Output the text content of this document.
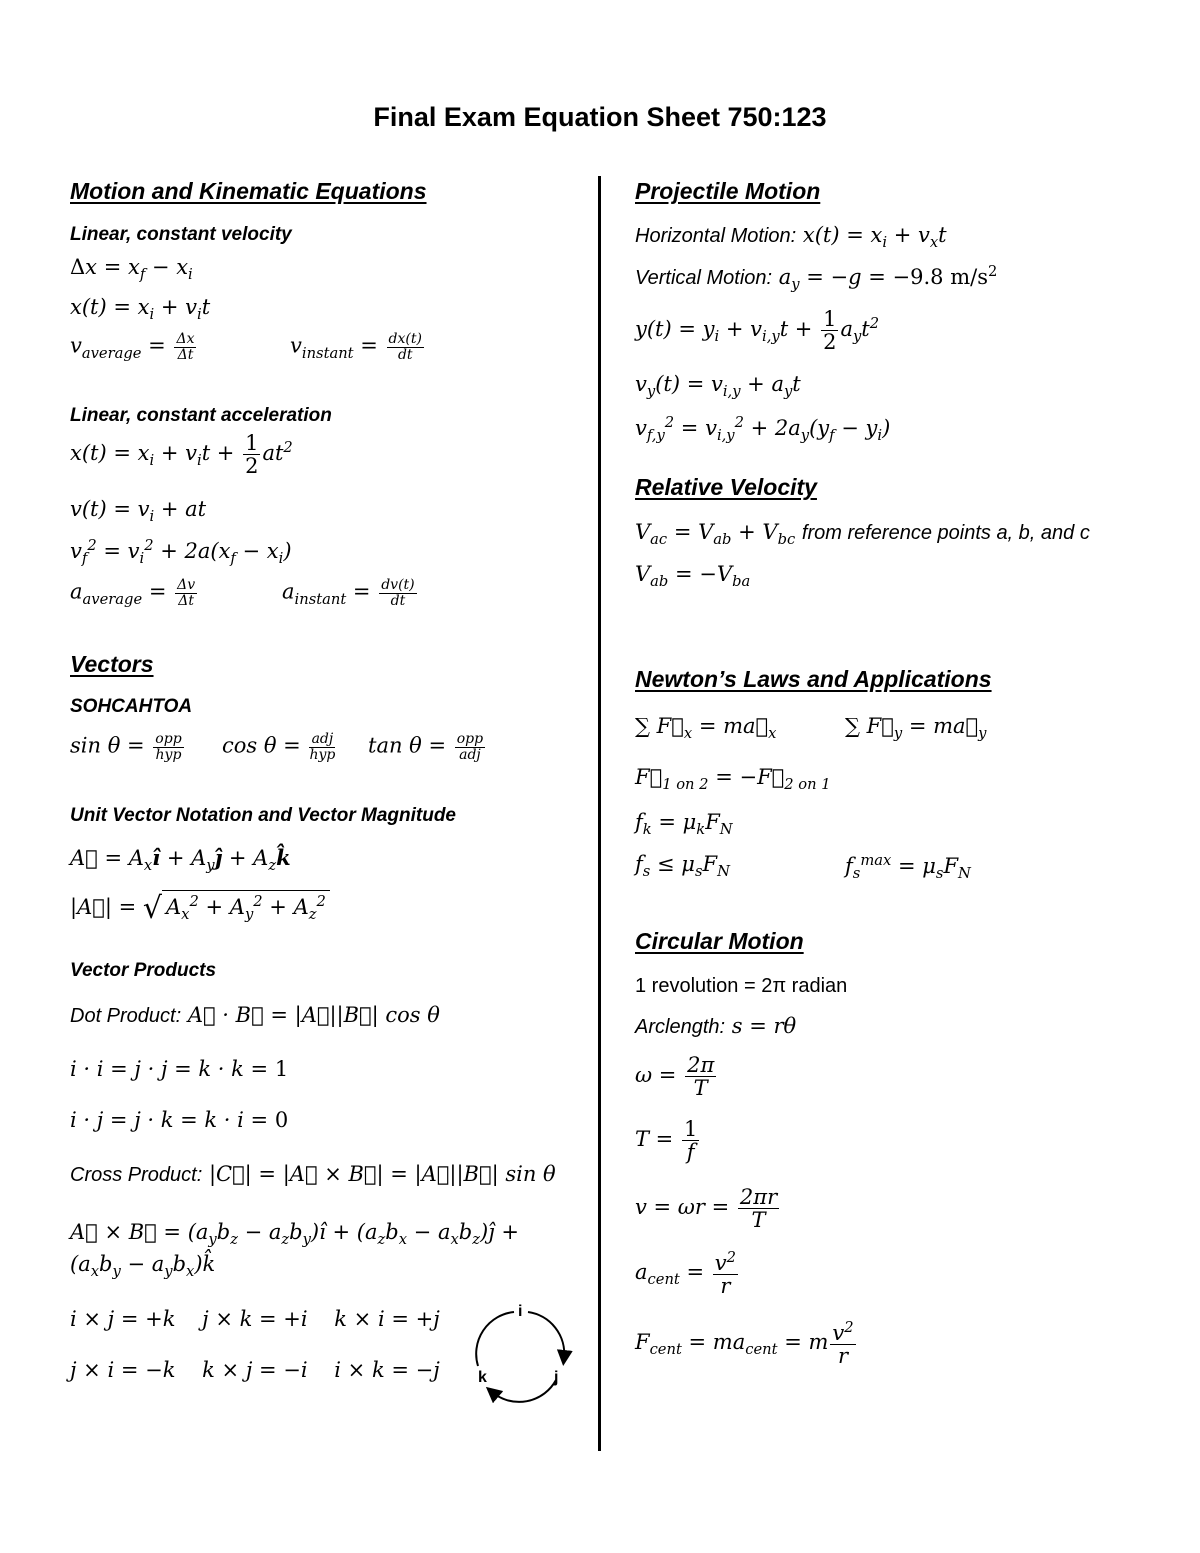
Final Exam Equation Sheet 750:123
Motion and Kinematic Equations
Linear, constant velocity
$\Delta x = x_f - x_i$
$x(t) = x_i + v_it$
$v_{average} = \frac{\Delta x}{\Delta t}$	$v_{instant} = \frac{dx(t)}{dt}$
Linear, constant acceleration
$x(t) = x_i + v_it + \frac{1}{2} at^2$
$v(t) = v_i$ + at
$v_f^2 = v_i^2 + 2a(x_f - x_i)$
$a_{average} = \frac{\Delta v}{\Delta t}$	$a_{instant} = \frac{dv(t)}{dt}$
Vectors
SOHCAHTOA
$\sin \theta = \frac{\text{opp}}{\text{hyp}}$ $\cos \theta = \frac{\text{adj}}{\text{hyp}}$ $\tan \theta = \frac{\text{opp}}{\text{adj}}$
Unit Vector Notation and Vector Magnitude
A⃗ = $A_xî$ + $A_yĵ$ + $A_zk̂$
|A⃗| = √ $A_x^2 + A_y^2 + A_z^2$
Vector Products
Dot Product: A⃗ · B⃗ = |A⃗||B⃗| cos θ
i · i = j · j = k · k = 1
i · j = j · k = k · i = 0
Cross Product: |C⃗| = |A⃗ × B⃗| = |A⃗||B⃗| sin θ
A⃗ × B⃗ = ($a_yb_z$ − $a_zb_y)î + (a_zb_x$ − $a_xb_z)ĵ$ +
($a_xb_y$ − $a_yb_x)k̂$
i × j = +k    j × k = +i    k × i = +j
j × i = −k    k × j = −i    i × k = −j
i
j
k
Projectile Motion
Horizontal Motion: $x(t) = x_i + v_xt$
Vertical Motion: $a_y = -g = -9.8$ $m/s^2$
$y(t) = y_i + v_{i,y}t + \frac{1}{2} a_yt^2$
$v_y(t) = v_{i,y} + a_yt$
$v_{f,y}^2 = v_{i,y}^2 + 2a_y(y_f - y_i)$
Relative Velocity
$V_{ac} = V_{ab} + V_{bc}$ from reference points a, b, and c
$V_{ab} = -V_{ba}$
Newton’s Laws and Applications
∑ $F⃗_x$ = $ma⃗_x$	∑ $F⃗_y$ = $ma⃗_y$
$F⃗_{1 on 2}$ = $-F⃗_{2 on 1}$
$f_k = \mu_kF_N$
$f_s \le \mu_sF_N$	$f_s^{max} = \mu_sF_N$
Circular Motion
1 revolution = 2π radian
Arclength: s = rθ
$\omega = \frac{2\pi}{T}$
$T = \frac{1}{f}$
$v = \omega r = \frac{2\pi r}{T}$
$a_{cent} = \frac{v^2}{r}$
$F_{cent} = ma_{cent} = m \frac{v^2}{r}$
